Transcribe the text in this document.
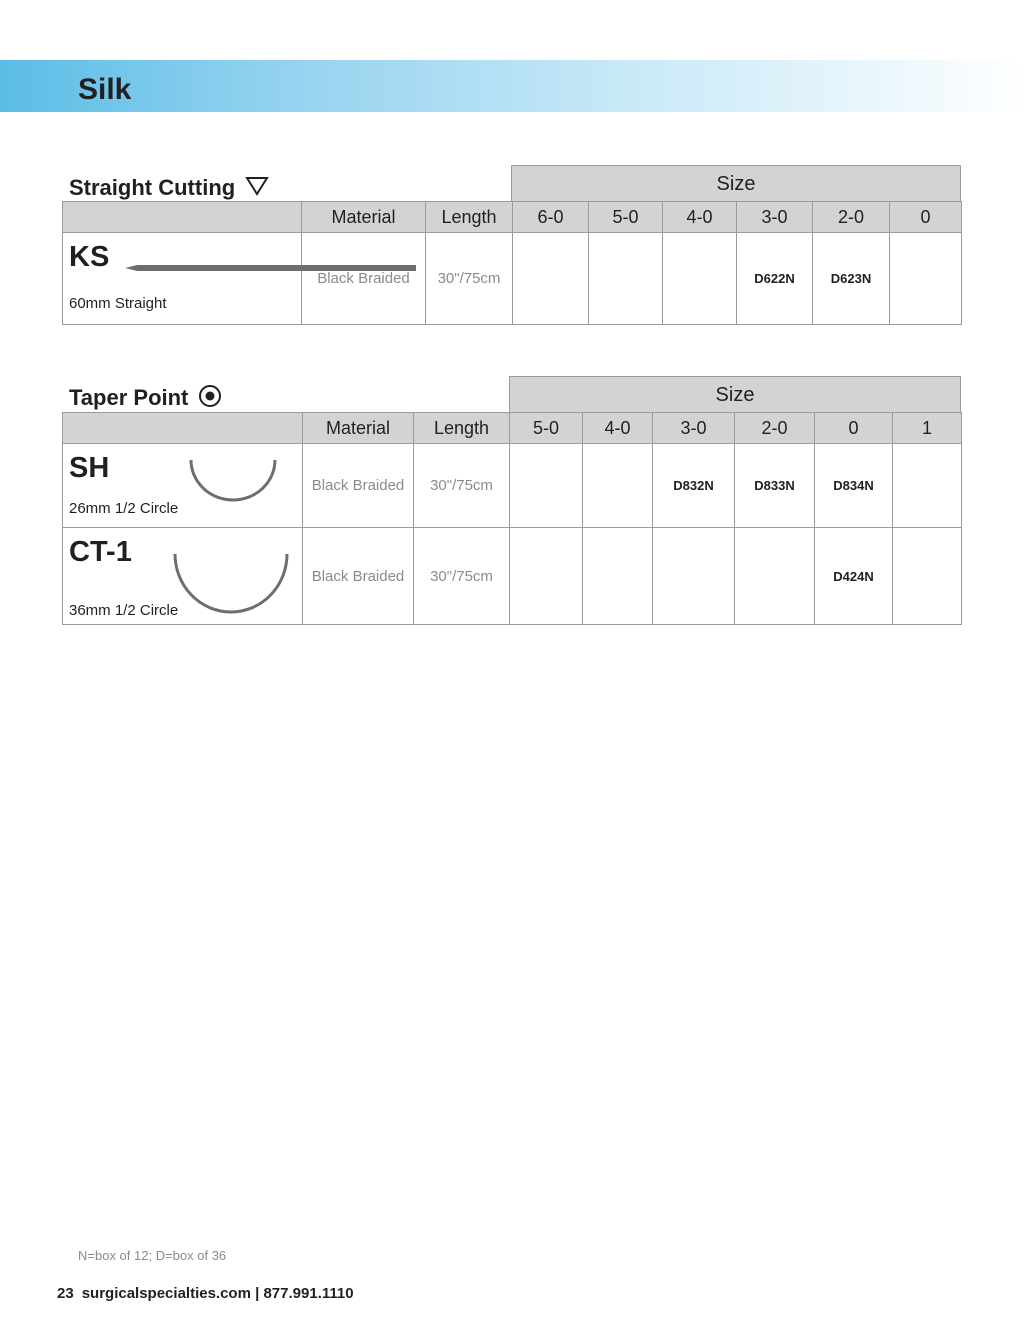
Silk
Straight Cutting	Size
	Material	Length	6-0	5-0	4-0	3-0	2-0	0

KS
60mm Straight	Black Braided	30"/75cm				D622N	D623N	
Taper Point	Size
	Material	Length	5-0	4-0	3-0	2-0	0	1

SH
26mm 1/2 Circle	Black Braided	30"/75cm			D832N	D833N	D834N	

CT-1
36mm 1/2 Circle	Black Braided	30"/75cm					D424N	
N=box of 12; D=box of 36
23 surgicalspecialties.com | 877.991.1110
